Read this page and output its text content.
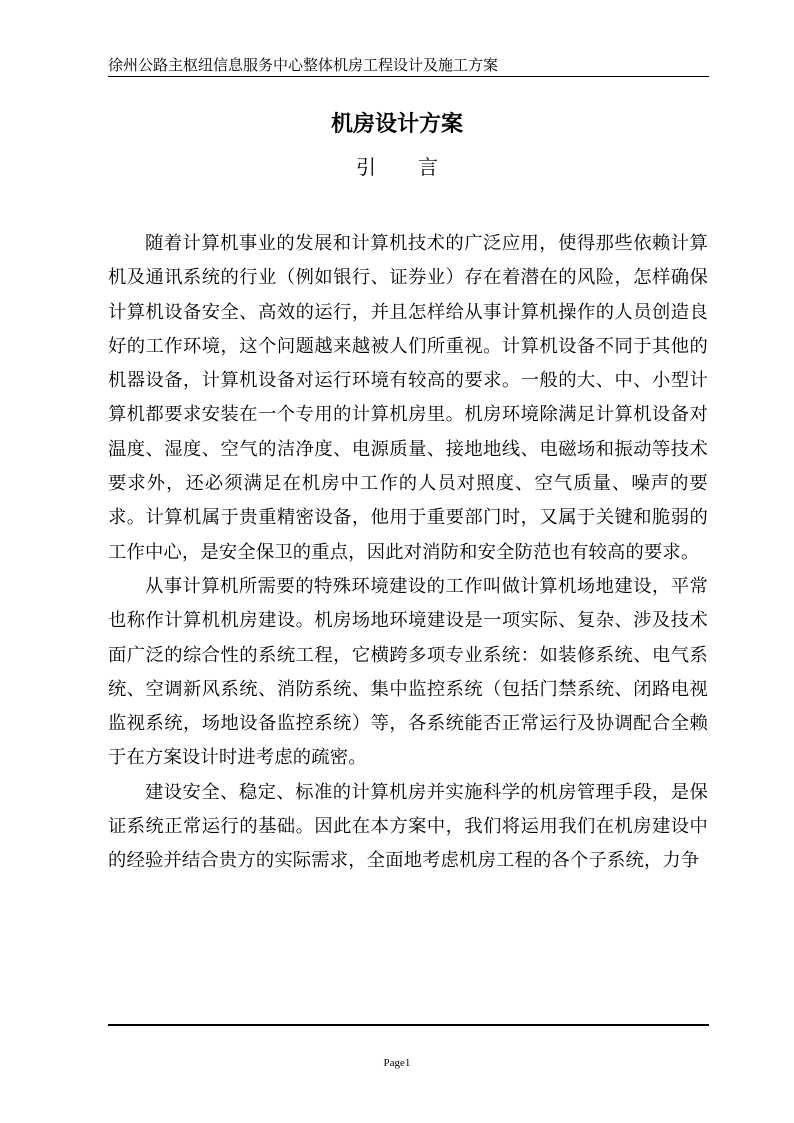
徐州公路主枢纽信息服务中心整体机房工程设计及施工方案
机房设计方案
引言

随着计算机事业的发展和计算机技术的广泛应用，使得那些依赖计算机及通讯系统的行业（例如银行、证券业）存在着潜在的风险，怎样确保计算机设备安全、高效的运行，并且怎样给从事计算机操作的人员创造良好的工作环境，这个问题越来越被人们所重视。计算机设备不同于其他的机器设备，计算机设备对运行环境有较高的要求。一般的大、中、小型计算机都要求安装在一个专用的计算机房里。机房环境除满足计算机设备对温度、湿度、空气的洁净度、电源质量、接地地线、电磁场和振动等技术要求外，还必须满足在机房中工作的人员对照度、空气质量、噪声的要求。计算机属于贵重精密设备，他用于重要部门时，又属于关键和脆弱的工作中心，是安全保卫的重点，因此对消防和安全防范也有较高的要求。

从事计算机所需要的特殊环境建设的工作叫做计算机场地建设，平常也称作计算机机房建设。机房场地环境建设是一项实际、复杂、涉及技术面广泛的综合性的系统工程，它横跨多项专业系统：如装修系统、电气系统、空调新风系统、消防系统、集中监控系统（包括门禁系统、闭路电视监视系统，场地设备监控系统）等，各系统能否正常运行及协调配合全赖于在方案设计时进考虑的疏密。

建设安全、稳定、标准的计算机房并实施科学的机房管理手段，是保证系统正常运行的基础。因此在本方案中，我们将运用我们在机房建设中的经验并结合贵方的实际需求，全面地考虑机房工程的各个子系统，力争

Page1
